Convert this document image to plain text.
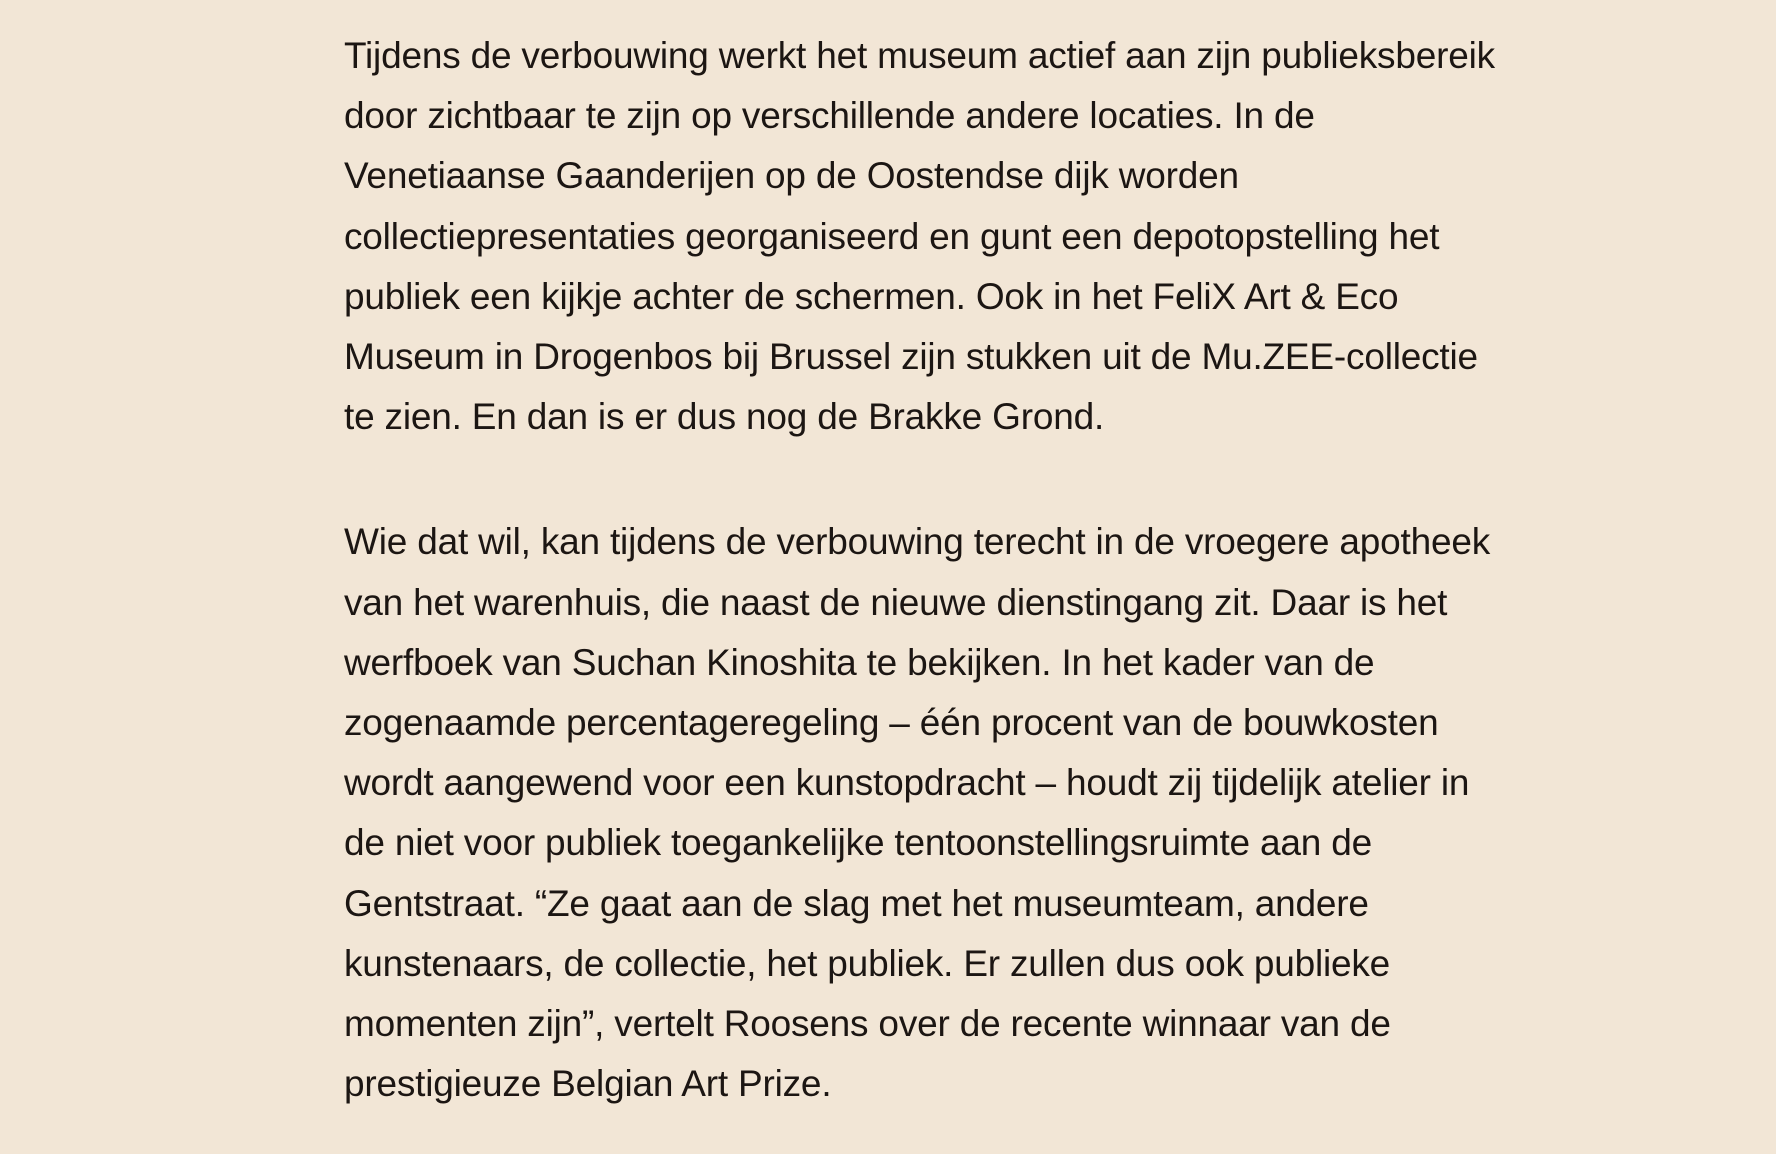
Tijdens de verbouwing werkt het museum actief aan zijn publieksbereik
door zichtbaar te zijn op verschillende andere locaties. In de
Venetiaanse Gaanderijen op de Oostendse dijk worden
collectiepresentaties georganiseerd en gunt een depotopstelling het
publiek een kijkje achter de schermen. Ook in het FeliX Art & Eco
Museum in Drogenbos bij Brussel zijn stukken uit de Mu.ZEE-collectie
te zien. En dan is er dus nog de Brakke Grond.

Wie dat wil, kan tijdens de verbouwing terecht in de vroegere apotheek
van het warenhuis, die naast de nieuwe dienstingang zit. Daar is het
werfboek van Suchan Kinoshita te bekijken. In het kader van de
zogenaamde percentageregeling – één procent van de bouwkosten
wordt aangewend voor een kunstopdracht – houdt zij tijdelijk atelier in
de niet voor publiek toegankelijke tentoonstellingsruimte aan de
Gentstraat. “Ze gaat aan de slag met het museumteam, andere
kunstenaars, de collectie, het publiek. Er zullen dus ook publieke
momenten zijn”, vertelt Roosens over de recente winnaar van de
prestigieuze Belgian Art Prize.
